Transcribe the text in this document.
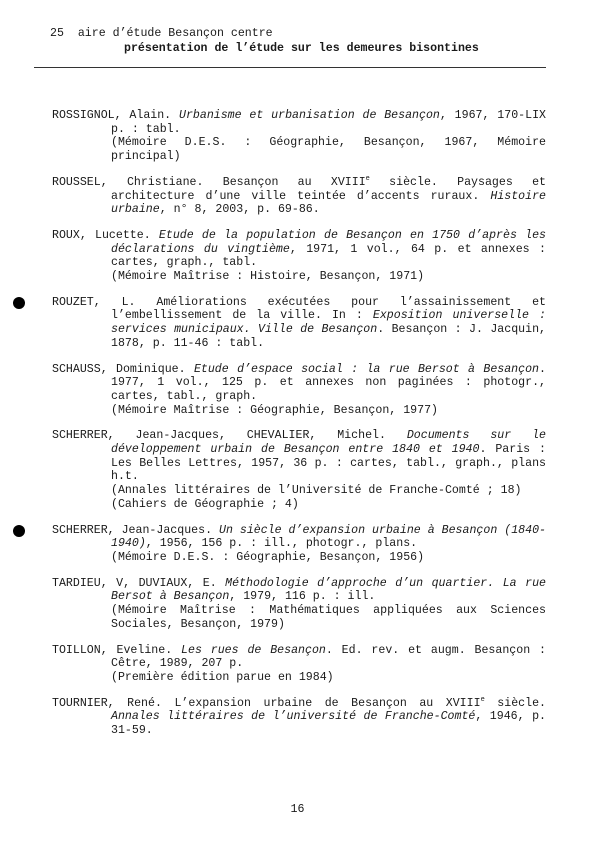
25  aire d’étude Besançon centre
présentation de l’étude sur les demeures bisontines
ROSSIGNOL, Alain. Urbanisme et urbanisation de Besançon, 1967, 170-LIX p. : tabl.
(Mémoire D.E.S. : Géographie, Besançon, 1967, Mémoire principal)
ROUSSEL, Christiane. Besançon au XVIIIe siècle. Paysages et architecture d’une ville teintée d’accents ruraux. Histoire urbaine, n° 8, 2003, p. 69-86.
ROUX, Lucette. Etude de la population de Besançon en 1750 d’après les déclarations du vingtième, 1971, 1 vol., 64 p. et annexes : cartes, graph., tabl.
(Mémoire Maîtrise : Histoire, Besançon, 1971)
ROUZET, L. Améliorations exécutées pour l’assainissement et l’embellissement de la ville. In : Exposition universelle : services municipaux. Ville de Besançon. Besançon : J. Jacquin, 1878, p. 11-46 : tabl.
SCHAUSS, Dominique. Etude d’espace social : la rue Bersot à Besançon. 1977, 1 vol., 125 p. et annexes non paginées : photogr., cartes, tabl., graph.
(Mémoire Maîtrise : Géographie, Besançon, 1977)
SCHERRER, Jean-Jacques, CHEVALIER, Michel. Documents sur le développement urbain de Besançon entre 1840 et 1940. Paris : Les Belles Lettres, 1957, 36 p. : cartes, tabl., graph., plans h.t.
(Annales littéraires de l’Université de Franche-Comté ; 18)
(Cahiers de Géographie ; 4)
SCHERRER, Jean-Jacques. Un siècle d’expansion urbaine à Besançon (1840-1940), 1956, 156 p. : ill., photogr., plans.
(Mémoire D.E.S. : Géographie, Besançon, 1956)
TARDIEU, V, DUVIAUX, E. Méthodologie d’approche d’un quartier. La rue Bersot à Besançon, 1979, 116 p. : ill.
(Mémoire Maîtrise : Mathématiques appliquées aux Sciences Sociales, Besançon, 1979)
TOILLON, Eveline. Les rues de Besançon. Ed. rev. et augm. Besançon : Cêtre, 1989, 207 p.
(Première édition parue en 1984)
TOURNIER, René. L’expansion urbaine de Besançon au XVIIIe siècle. Annales littéraires de l’université de Franche-Comté, 1946, p. 31-59.
16
